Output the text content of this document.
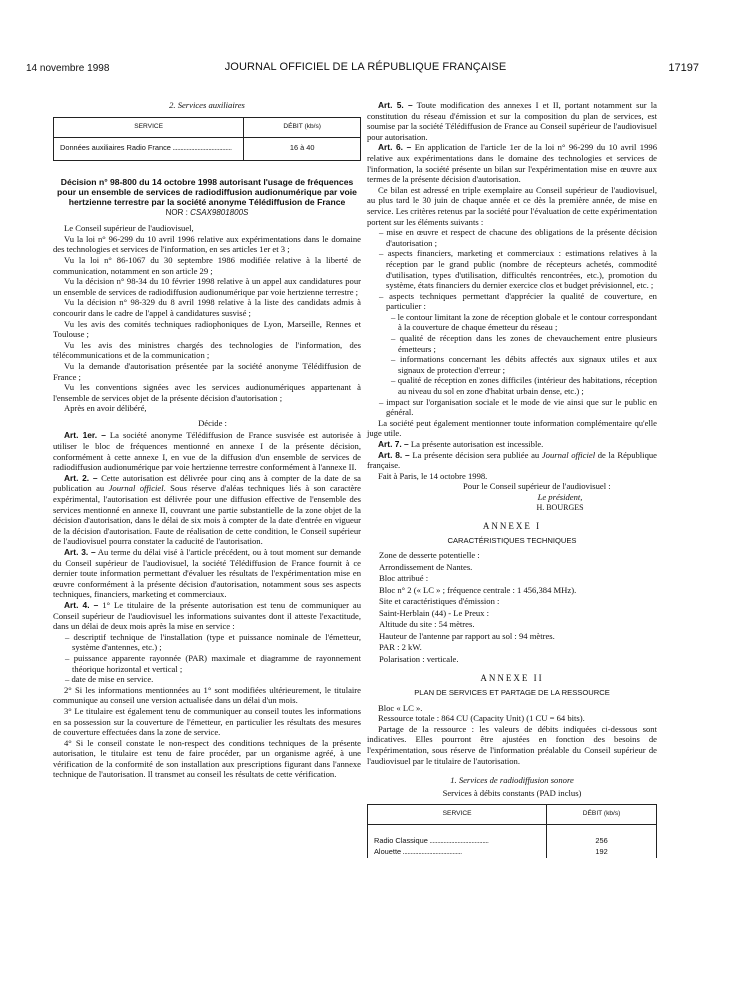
14 novembre 1998	JOURNAL OFFICIEL DE LA RÉPUBLIQUE FRANÇAISE	17197
2. Services auxiliaires
SERVICE	DÉBIT (kb/s)
Données auxiliaires Radio France .....	16 à 40
Décision n° 98-800 du 14 octobre 1998 autorisant l'usage de fréquences pour un ensemble de services de radiodiffusion audionumérique par voie hertzienne terrestre par la société anonyme Télédiffusion de France
NOR : CSAX9801800S

Le Conseil supérieur de l'audiovisuel,

Vu la loi n° 96-299 du 10 avril 1996 relative aux expérimentations dans le domaine des technologies et services de l'information, en ses articles 1er et 3 ;

Vu la loi n° 86-1067 du 30 septembre 1986 modifiée relative à la liberté de communication, notamment en son article 29 ;

Vu la décision n° 98-34 du 10 février 1998 relative à un appel aux candidatures pour un ensemble de services de radiodiffusion audionumérique par voie hertzienne terrestre ;

Vu la décision n° 98-329 du 8 avril 1998 relative à la liste des candidats admis à concourir dans le cadre de l'appel à candidatures susvisé ;

Vu les avis des comités techniques radiophoniques de Lyon, Marseille, Rennes et Toulouse ;

Vu les avis des ministres chargés des technologies de l'information, des télécommunications et de la communication ;

Vu la demande d'autorisation présentée par la société anonyme Télédiffusion de France ;

Vu les conventions signées avec les services audionumériques appartenant à l'ensemble de services objet de la présente décision d'autorisation ;

Après en avoir délibéré,

Décide :

Art. 1er. – La société anonyme Télédiffusion de France susvisée est autorisée à utiliser le bloc de fréquences mentionné en annexe I de la présente décision, conformément à cette annexe I, en vue de la diffusion d'un ensemble de services de radiodiffusion audionumérique par voie hertzienne terrestre conformément à l'annexe II.

Art. 2. – Cette autorisation est délivrée pour cinq ans à compter de la date de sa publication au Journal officiel. Sous réserve d'aléas techniques liés à son caractère expérimental, l'autorisation est délivrée pour une diffusion effective de l'ensemble des services mentionné en annexe II, couvrant une partie substantielle de la zone objet de la décision d'autorisation, dans le délai de six mois à compter de la date d'entrée en vigueur de la décision d'autorisation. Faute de réalisation de cette condition, le Conseil supérieur de l'audiovisuel pourra constater la caducité de l'autorisation.

Art. 3. – Au terme du délai visé à l'article précédent, ou à tout moment sur demande du Conseil supérieur de l'audiovisuel, la société Télédiffusion de France fournit à ce dernier toute information permettant d'évaluer les résultats de l'expérimentation mise en œuvre conformément à la présente décision d'autorisation, notamment sous ses aspects techniques, financiers, marketing et commerciaux.

Art. 4. – 1° Le titulaire de la présente autorisation est tenu de communiquer au Conseil supérieur de l'audiovisuel les informations suivantes dont il atteste l'exactitude, dans un délai de deux mois après la mise en service :

– descriptif technique de l'installation (type et puissance nominale de l'émetteur, système d'antennes, etc.) ;
– puissance apparente rayonnée (PAR) maximale et diagramme de rayonnement théorique horizontal et vertical ;
– date de mise en service.

2° Si les informations mentionnées au 1° sont modifiées ultérieurement, le titulaire communique au conseil une version actualisée dans un délai d'un mois.

3° Le titulaire est également tenu de communiquer au conseil toutes les informations en sa possession sur la couverture de l'émetteur, en particulier les résultats des mesures de couverture effectuées dans la zone de service.

4° Si le conseil constate le non-respect des conditions techniques de la présente autorisation, le titulaire est tenu de faire procéder, par un organisme agréé, à une vérification de la conformité de son installation aux prescriptions figurant dans l'annexe technique de l'autorisation. Il transmet au conseil les résultats de cette vérification.

Art. 5. – Toute modification des annexes I et II, portant notamment sur la constitution du réseau d'émission et sur la composition du plan de services, est soumise par la société Télédiffusion de France au Conseil supérieur de l'audiovisuel pour autorisation.

Art. 6. – En application de l'article 1er de la loi n° 96-299 du 10 avril 1996 relative aux expérimentations dans le domaine des technologies et services de l'information, la société présente un bilan sur l'expérimentation mise en œuvre aux termes de la présente décision d'autorisation.

Ce bilan est adressé en triple exemplaire au Conseil supérieur de l'audiovisuel, au plus tard le 30 juin de chaque année et ce dès la première année, de mise en service. Les critères retenus par la société pour l'évaluation de cette expérimentation portent sur les éléments suivants :

– mise en œuvre et respect de chacune des obligations de la présente décision d'autorisation ;
– aspects financiers, marketing et commerciaux : estimations relatives à la réception par le grand public (nombre de récepteurs achetés, commodité d'utilisation, types d'utilisation, difficultés rencontrées, etc.), promotion du système, états financiers du dernier exercice clos et budget prévisionnel, etc. ;
– aspects techniques permettant d'apprécier la qualité de couverture, en particulier :
– le contour limitant la zone de réception globale et le contour correspondant à la couverture de chaque émetteur du réseau ;
– qualité de réception dans les zones de chevauchement entre plusieurs émetteurs ;
– informations concernant les débits affectés aux signaux utiles et aux signaux de protection d'erreur ;
– qualité de réception en zones difficiles (intérieur des habitations, réception au niveau du sol en zone d'habitat urbain dense, etc.) ;
– impact sur l'organisation sociale et le mode de vie ainsi que sur le public en général.

La société peut également mentionner toute information complémentaire qu'elle juge utile.

Art. 7. – La présente autorisation est incessible.

Art. 8. – La présente décision sera publiée au Journal officiel de la République française.

Fait à Paris, le 14 octobre 1998.

Pour le Conseil supérieur de l'audiovisuel :
Le président,
H. BOURGES
ANNEXE I
CARACTÉRISTIQUES TECHNIQUES
Zone de desserte potentielle :
Arrondissement de Nantes.
Bloc attribué :
Bloc n° 2 (« LC » ; fréquence centrale : 1 456,384 MHz).
Site et caractéristiques d'émission :
Saint-Herblain (44) - Le Preux :
Altitude du site : 54 mètres.
Hauteur de l'antenne par rapport au sol : 94 mètres.
PAR : 2 kW.
Polarisation : verticale.
ANNEXE II
PLAN DE SERVICES ET PARTAGE DE LA RESSOURCE

Bloc « LC ».

Ressource totale : 864 CU (Capacity Unit) (1 CU = 64 bits).

Partage de la ressource : les valeurs de débits indiquées ci-dessous sont indicatives. Elles pourront être ajustées en fonction des besoins de l'expérimentation, sous réserve de l'information préalable du Conseil supérieur de l'audiovisuel par le titulaire de l'autorisation.

1. Services de radiodiffusion sonore
Services à débits constants (PAD inclus)
SERVICE	DÉBIT (kb/s)

Radio Classique .....	256
Alouette .....	192
